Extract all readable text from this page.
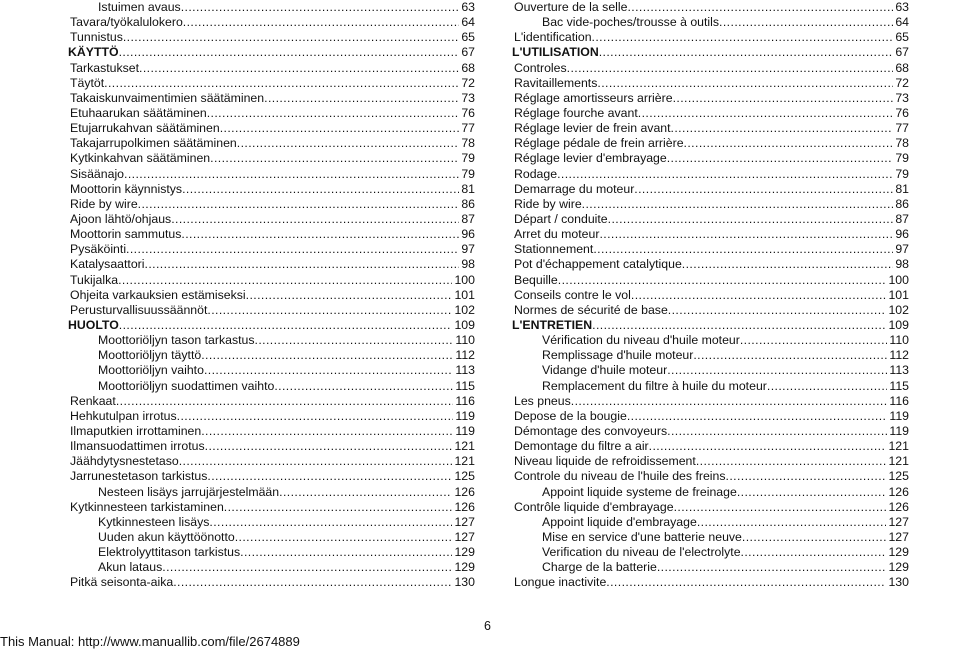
Istuimen avaus .....	63
Tavara/työkalulokero .....	64
Tunnistus .....	65
KÄYTTÖ .....	67
Tarkastukset .....	68
Täytöt .....	72
Takaiskunvaimentimien säätäminen .....	73
Etuhaarukan säätäminen .....	76
Etujarrukahvan säätäminen .....	77
Takajarrupolkimen säätäminen .....	78
Kytkinkahvan säätäminen .....	79
Sisäänajo .....	79
Moottorin käynnistys .....	81
Ride by wire .....	86
Ajoon lähtö/ohjaus .....	87
Moottorin sammutus .....	96
Pysäköinti .....	97
Katalysaattori .....	98
Tukijalka .....	100
Ohjeita varkauksien estämiseksi .....	101
Perusturvallisuussäännöt .....	102
HUOLTO .....	109
Moottoriöljyn tason tarkastus .....	110
Moottoriöljyn täyttö .....	112
Moottoriöljyn vaihto .....	113
Moottoriöljyn suodattimen vaihto .....	115
Renkaat .....	116
Hehkutulpan irrotus .....	119
Ilmaputkien irrottaminen .....	119
Ilmansuodattimen irrotus .....	121
Jäähdytysnestetaso .....	121
Jarrunestetason tarkistus .....	125
Nesteen lisäys jarrujärjestelmään .....	126
Kytkinnesteen tarkistaminen .....	126
Kytkinnesteen lisäys .....	127
Uuden akun käyttöönotto .....	127
Elektrolyyttitason tarkistus .....	129
Akun lataus .....	129
Pitkä seisonta-aika .....	130
Ouverture de la selle .....	63
Bac vide-poches/trousse à outils .....	64
L'identification .....	65
L'UTILISATION .....	67
Controles .....	68
Ravitaillements .....	72
Réglage amortisseurs arrière .....	73
Réglage fourche avant .....	76
Réglage levier de frein avant .....	77
Réglage pédale de frein arrière .....	78
Réglage levier d'embrayage .....	79
Rodage .....	79
Demarrage du moteur .....	81
Ride by wire .....	86
Départ / conduite .....	87
Arret du moteur .....	96
Stationnement .....	97
Pot d'échappement catalytique .....	98
Bequille .....	100
Conseils contre le vol .....	101
Normes de sécurité de base .....	102
L'ENTRETIEN .....	109
Vérification du niveau d'huile moteur .....	110
Remplissage d'huile moteur .....	112
Vidange d'huile moteur .....	113
Remplacement du filtre à huile du moteur .....	115
Les pneus .....	116
Depose de la bougie .....	119
Démontage des convoyeurs .....	119
Demontage du filtre a air .....	121
Niveau liquide de refroidissement .....	121
Controle du niveau de l'huile des freins .....	125
Appoint liquide systeme de freinage .....	126
Contrôle liquide d'embrayage .....	126
Appoint liquide d'embrayage .....	127
Mise en service d'une batterie neuve .....	127
Verification du niveau de l'electrolyte .....	129
Charge de la batterie .....	129
Longue inactivite .....	130
6
This Manual: http://www.manuallib.com/file/2674889
